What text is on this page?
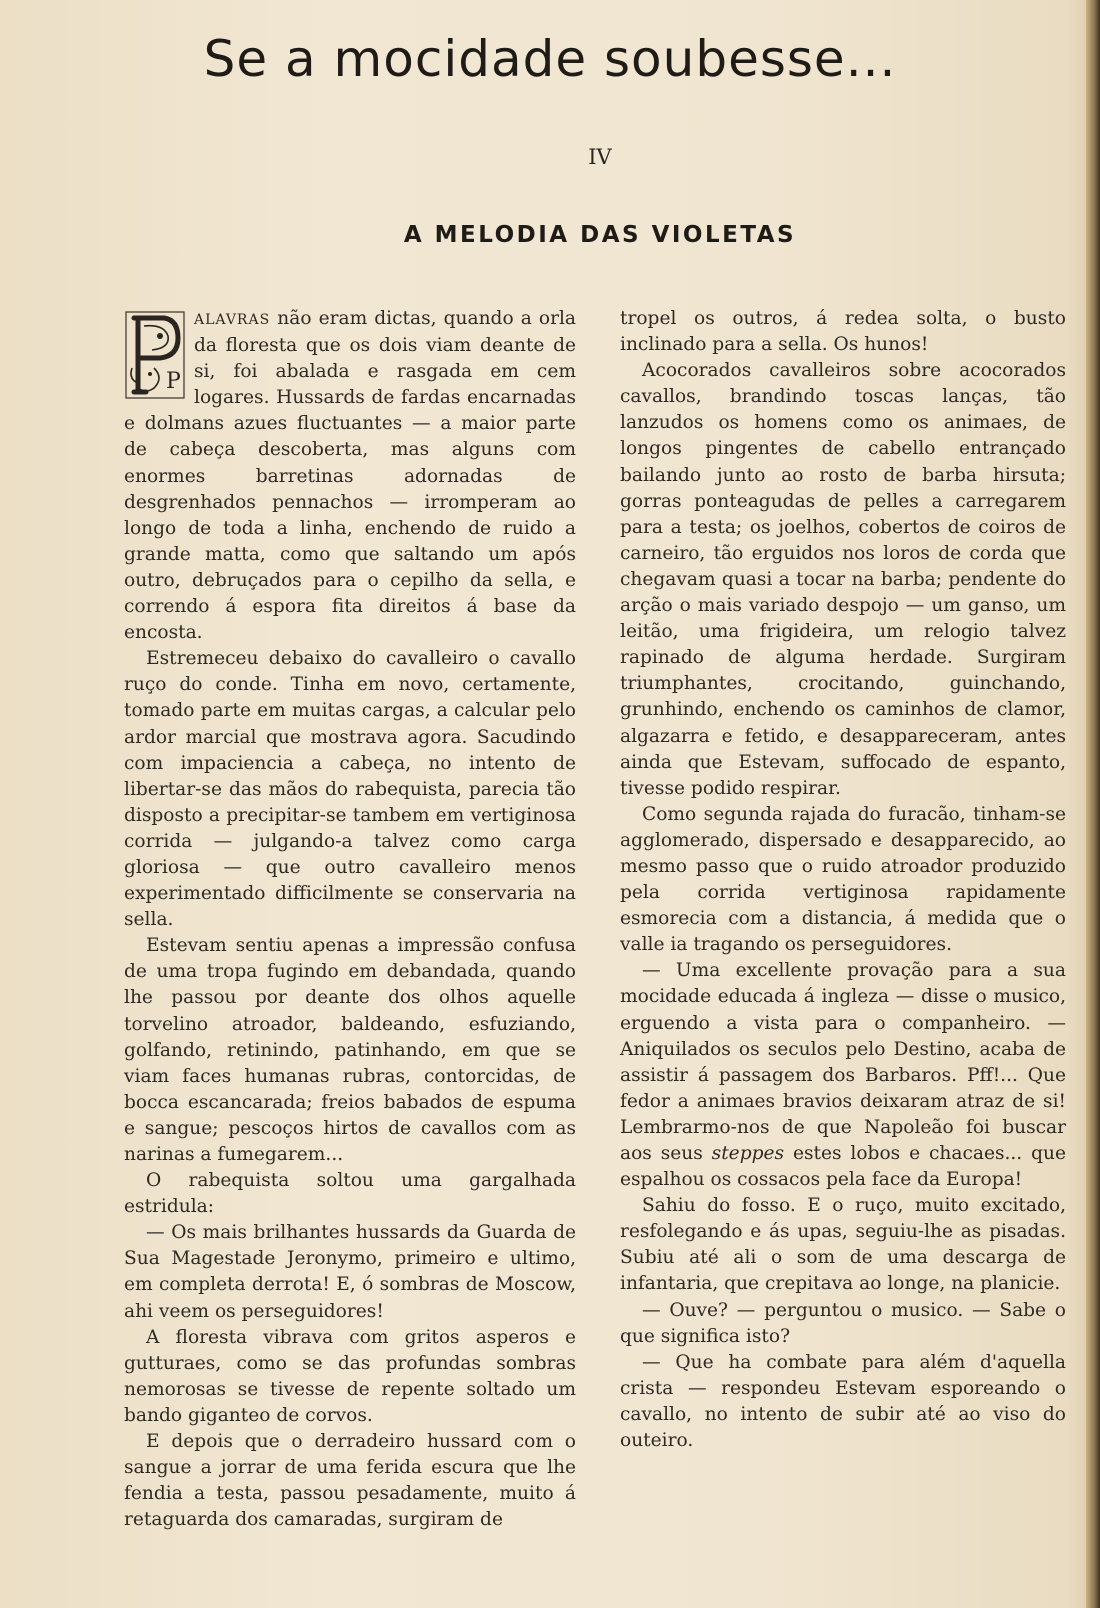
Se a mocidade soubesse...
IV
A MELODIA DAS VIOLETAS
P

ALAVRAS não eram dictas, quando a orla da floresta que os dois viam deante de si, foi abalada e rasgada em cem logares. Hussards de fardas encarnadas e dolmans azues fluctuantes — a maior parte de cabeça descoberta, mas alguns com enormes barretinas adornadas de desgrenhados pennachos — irromperam ao longo de toda a linha, enchendo de ruido a grande matta, como que saltando um após outro, debruçados para o cepilho da sella, e correndo á espora fita direitos á base da encosta.

Estremeceu debaixo do cavalleiro o cavallo ruço do conde. Tinha em novo, certamente, tomado parte em muitas cargas, a calcular pelo ardor marcial que mostrava agora. Sacudindo com impaciencia a cabeça, no intento de libertar-se das mãos do rabequista, parecia tão disposto a precipitar-se tambem em vertiginosa corrida — julgando-a talvez como carga gloriosa — que outro cavalleiro menos experimentado difficilmente se conservaria na sella.

Estevam sentiu apenas a impressão confusa de uma tropa fugindo em debandada, quando lhe passou por deante dos olhos aquelle torvelino atroador, baldeando, esfuziando, golfando, retinindo, patinhando, em que se viam faces humanas rubras, contorcidas, de bocca escancarada; freios babados de espuma e sangue; pescoços hirtos de cavallos com as narinas a fumegarem...

O rabequista soltou uma gargalhada estridula:

— Os mais brilhantes hussards da Guarda de Sua Magestade Jeronymo, primeiro e ultimo, em completa derrota! E, ó sombras de Moscow, ahi veem os perseguidores!

A floresta vibrava com gritos asperos e gutturaes, como se das profundas sombras nemorosas se tivesse de repente soltado um bando giganteo de corvos.

E depois que o derradeiro hussard com o sangue a jorrar de uma ferida escura que lhe fendia a testa, passou pesadamente, muito á retaguarda dos camaradas, surgiram de

tropel os outros, á redea solta, o busto inclinado para a sella. Os hunos!

Acocorados cavalleiros sobre acocorados cavallos, brandindo toscas lanças, tão lanzudos os homens como os animaes, de longos pingentes de cabello entrançado bailando junto ao rosto de barba hirsuta; gorras ponteagudas de pelles a carregarem para a testa; os joelhos, cobertos de coiros de carneiro, tão erguidos nos loros de corda que chegavam quasi a tocar na barba; pendente do arção o mais variado despojo — um ganso, um leitão, uma frigideira, um relogio talvez rapinado de alguma herdade. Surgiram triumphantes, crocitando, guinchando, grunhindo, enchendo os caminhos de clamor, algazarra e fetido, e desappareceram, antes ainda que Estevam, suffocado de espanto, tivesse podido respirar.

Como segunda rajada do furacão, tinham-se agglomerado, dispersado e desapparecido, ao mesmo passo que o ruido atroador produzido pela corrida vertiginosa rapidamente esmorecia com a distancia, á medida que o valle ia tragando os perseguidores.

— Uma excellente provação para a sua mocidade educada á ingleza — disse o musico, erguendo a vista para o companheiro. — Aniquilados os seculos pelo Destino, acaba de assistir á passagem dos Barbaros. Pff!... Que fedor a animaes bravios deixaram atraz de si! Lembrarmo-nos de que Napoleão foi buscar aos seus steppes estes lobos e chacaes... que espalhou os cossacos pela face da Europa!

Sahiu do fosso. E o ruço, muito excitado, resfolegando e ás upas, seguiu-lhe as pisadas. Subiu até ali o som de uma descarga de infantaria, que crepitava ao longe, na planicie.

— Ouve? — perguntou o musico. — Sabe o que significa isto?

— Que ha combate para além d'aquella crista — respondeu Estevam esporeando o cavallo, no intento de subir até ao viso do outeiro.
